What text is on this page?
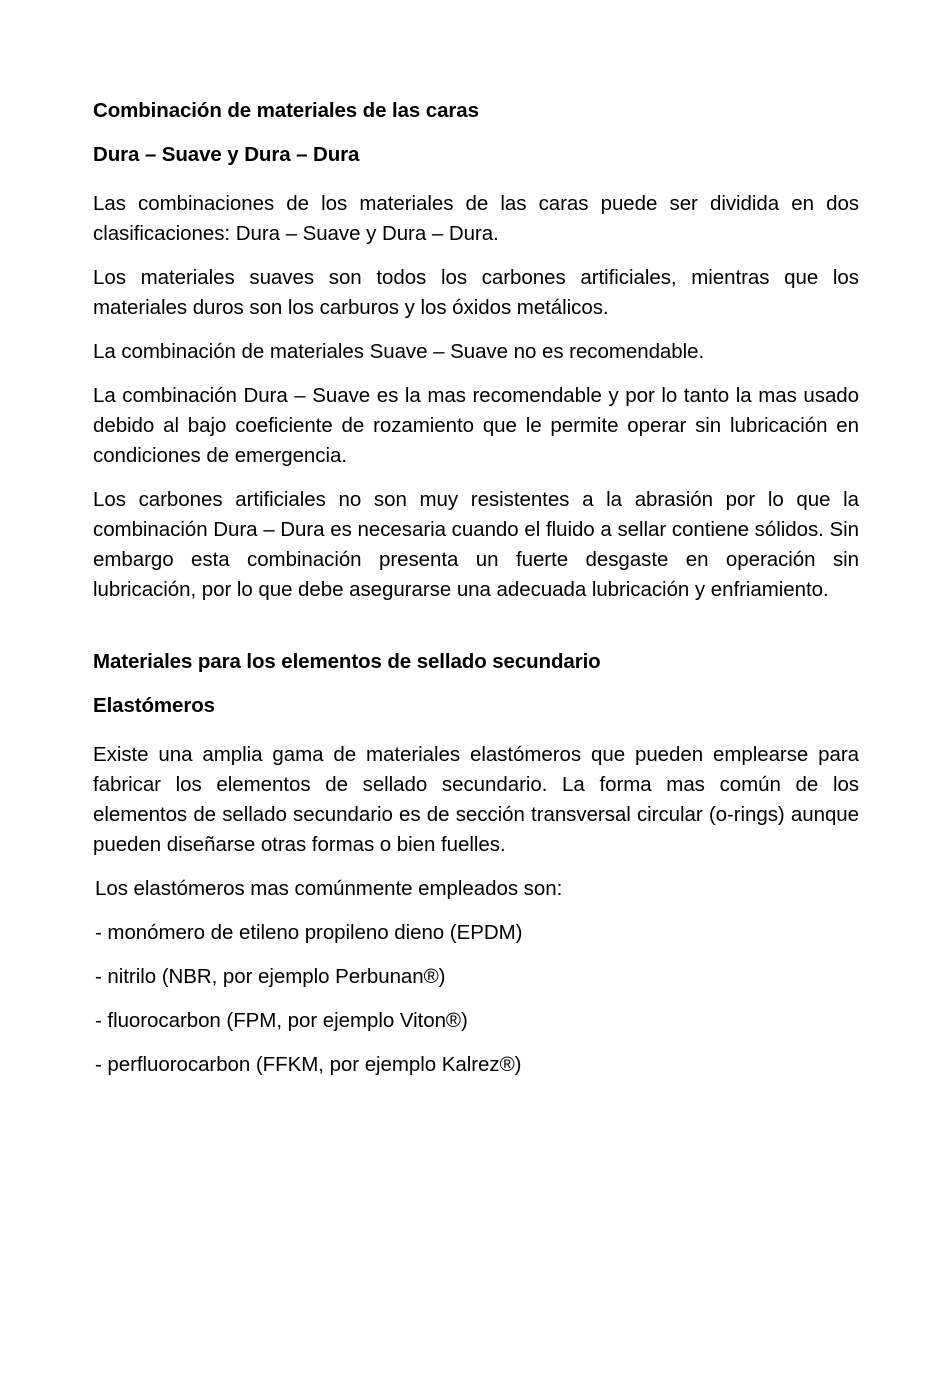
Combinación de materiales de las caras
Dura – Suave y Dura – Dura

Las combinaciones de los materiales de las caras puede ser dividida en dos clasificaciones: Dura – Suave y Dura – Dura.

Los materiales suaves son todos los carbones artificiales, mientras que los materiales duros son los carburos y los óxidos metálicos.

La combinación de materiales Suave – Suave no es recomendable.

La combinación Dura – Suave es la mas recomendable y por lo tanto la mas usado debido al bajo coeficiente de rozamiento que le permite operar sin lubricación en condiciones de emergencia.

Los carbones artificiales no son muy resistentes a la abrasión por lo que la combinación Dura – Dura es necesaria cuando el fluido a sellar contiene sólidos. Sin embargo esta combinación presenta un fuerte desgaste en operación sin lubricación, por lo que debe asegurarse una adecuada lubricación y enfriamiento.

Materiales para los elementos de sellado secundario
Elastómeros

Existe una amplia gama de materiales elastómeros que pueden emplearse para fabricar los elementos de sellado secundario. La forma mas común de los elementos de sellado secundario es de sección transversal circular (o-rings) aunque pueden diseñarse otras formas o bien fuelles.

Los elastómeros mas comúnmente empleados son:

- monómero de etileno propileno dieno (EPDM)

- nitrilo (NBR, por ejemplo Perbunan®)

- fluorocarbon (FPM, por ejemplo Viton®)

- perfluorocarbon (FFKM, por ejemplo Kalrez®)
